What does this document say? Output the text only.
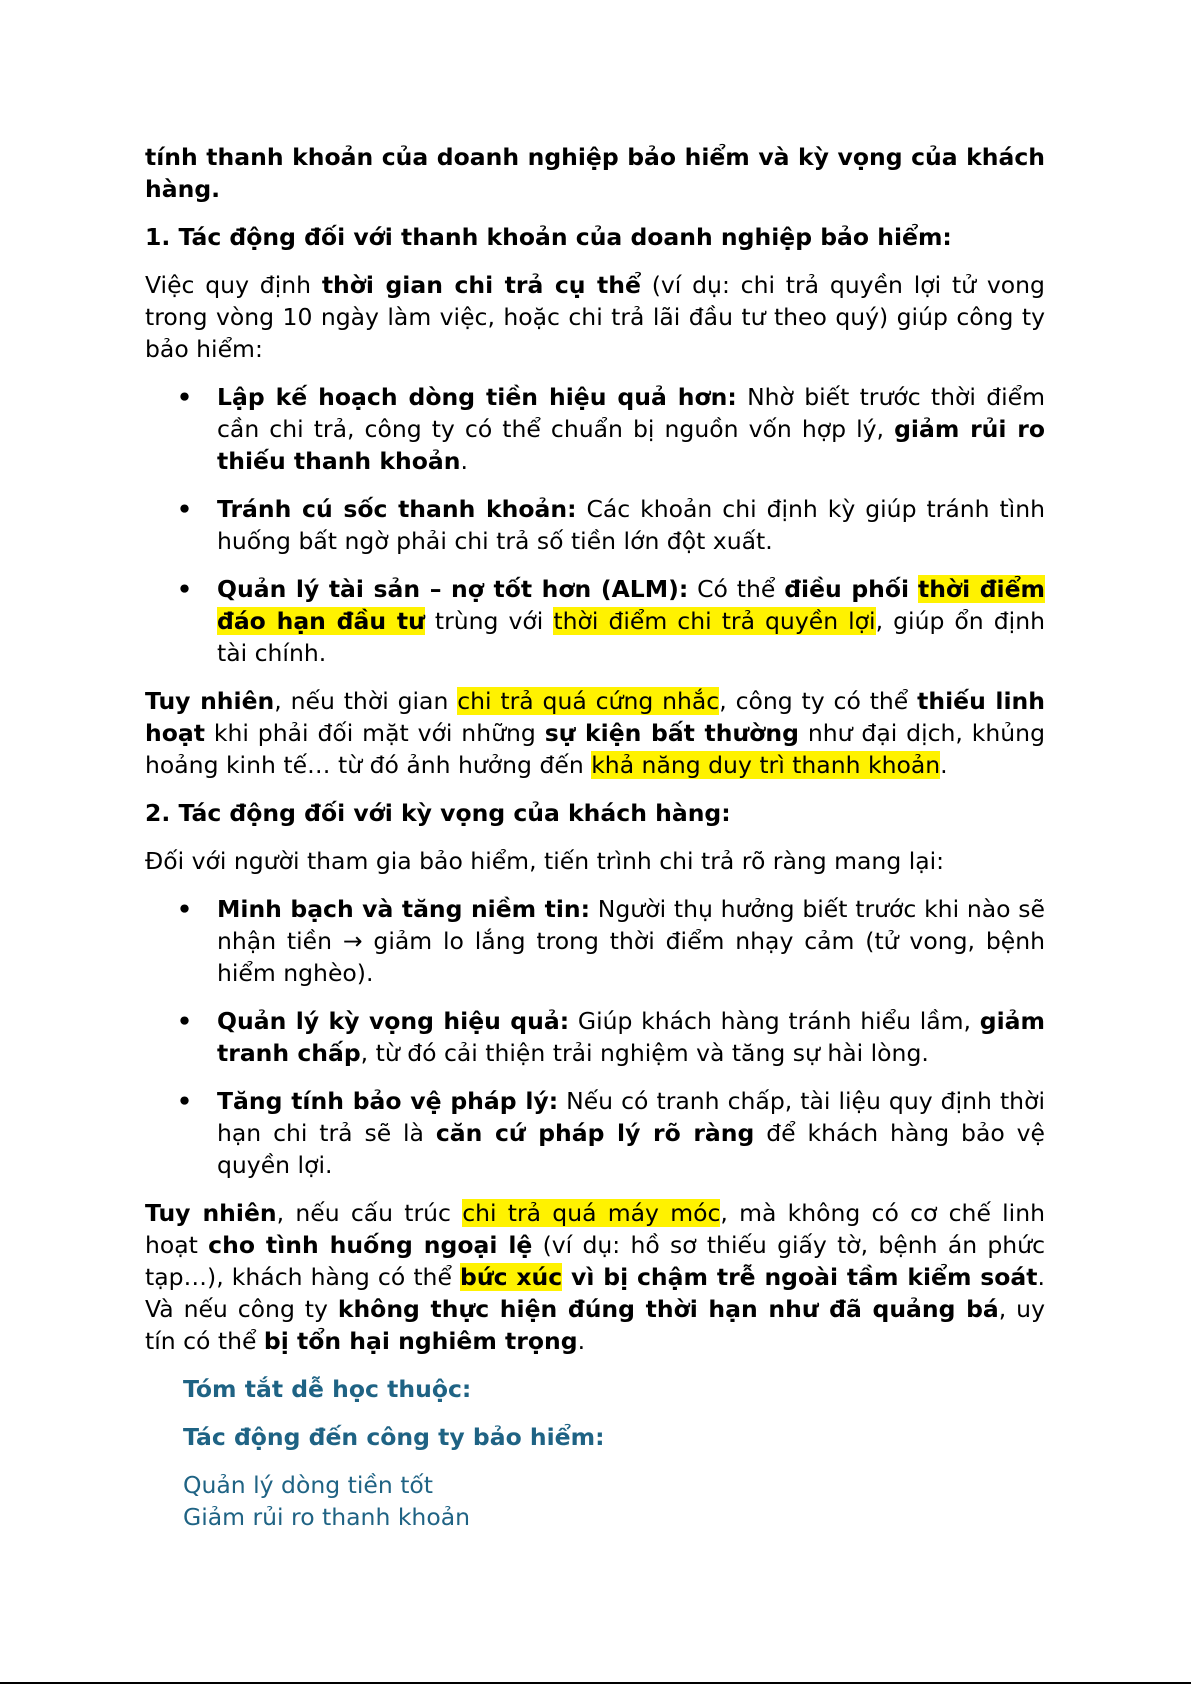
tính thanh khoản của doanh nghiệp bảo hiểm và kỳ vọng của khách hàng.

1. Tác động đối với thanh khoản của doanh nghiệp bảo hiểm:

Việc quy định thời gian chi trả cụ thể (ví dụ: chi trả quyền lợi tử vong trong vòng 10 ngày làm việc, hoặc chi trả lãi đầu tư theo quý) giúp công ty bảo hiểm:

• Lập kế hoạch dòng tiền hiệu quả hơn: Nhờ biết trước thời điểm cần chi trả, công ty có thể chuẩn bị nguồn vốn hợp lý, giảm rủi ro thiếu thanh khoản.
• Tránh cú sốc thanh khoản: Các khoản chi định kỳ giúp tránh tình huống bất ngờ phải chi trả số tiền lớn đột xuất.
• Quản lý tài sản – nợ tốt hơn (ALM): Có thể điều phối thời điểm đáo hạn đầu tư trùng với thời điểm chi trả quyền lợi, giúp ổn định tài chính.

Tuy nhiên, nếu thời gian chi trả quá cứng nhắc, công ty có thể thiếu linh hoạt khi phải đối mặt với những sự kiện bất thường như đại dịch, khủng hoảng kinh tế… từ đó ảnh hưởng đến khả năng duy trì thanh khoản.

2. Tác động đối với kỳ vọng của khách hàng:

Đối với người tham gia bảo hiểm, tiến trình chi trả rõ ràng mang lại:

• Minh bạch và tăng niềm tin: Người thụ hưởng biết trước khi nào sẽ nhận tiền → giảm lo lắng trong thời điểm nhạy cảm (tử vong, bệnh hiểm nghèo).
• Quản lý kỳ vọng hiệu quả: Giúp khách hàng tránh hiểu lầm, giảm tranh chấp, từ đó cải thiện trải nghiệm và tăng sự hài lòng.
• Tăng tính bảo vệ pháp lý: Nếu có tranh chấp, tài liệu quy định thời hạn chi trả sẽ là căn cứ pháp lý rõ ràng để khách hàng bảo vệ quyền lợi.

Tuy nhiên, nếu cấu trúc chi trả quá máy móc, mà không có cơ chế linh hoạt cho tình huống ngoại lệ (ví dụ: hồ sơ thiếu giấy tờ, bệnh án phức tạp…), khách hàng có thể bức xúc vì bị chậm trễ ngoài tầm kiểm soát. Và nếu công ty không thực hiện đúng thời hạn như đã quảng bá, uy tín có thể bị tổn hại nghiêm trọng.

Tóm tắt dễ học thuộc:

Tác động đến công ty bảo hiểm:

Quản lý dòng tiền tốt

Giảm rủi ro thanh khoản
